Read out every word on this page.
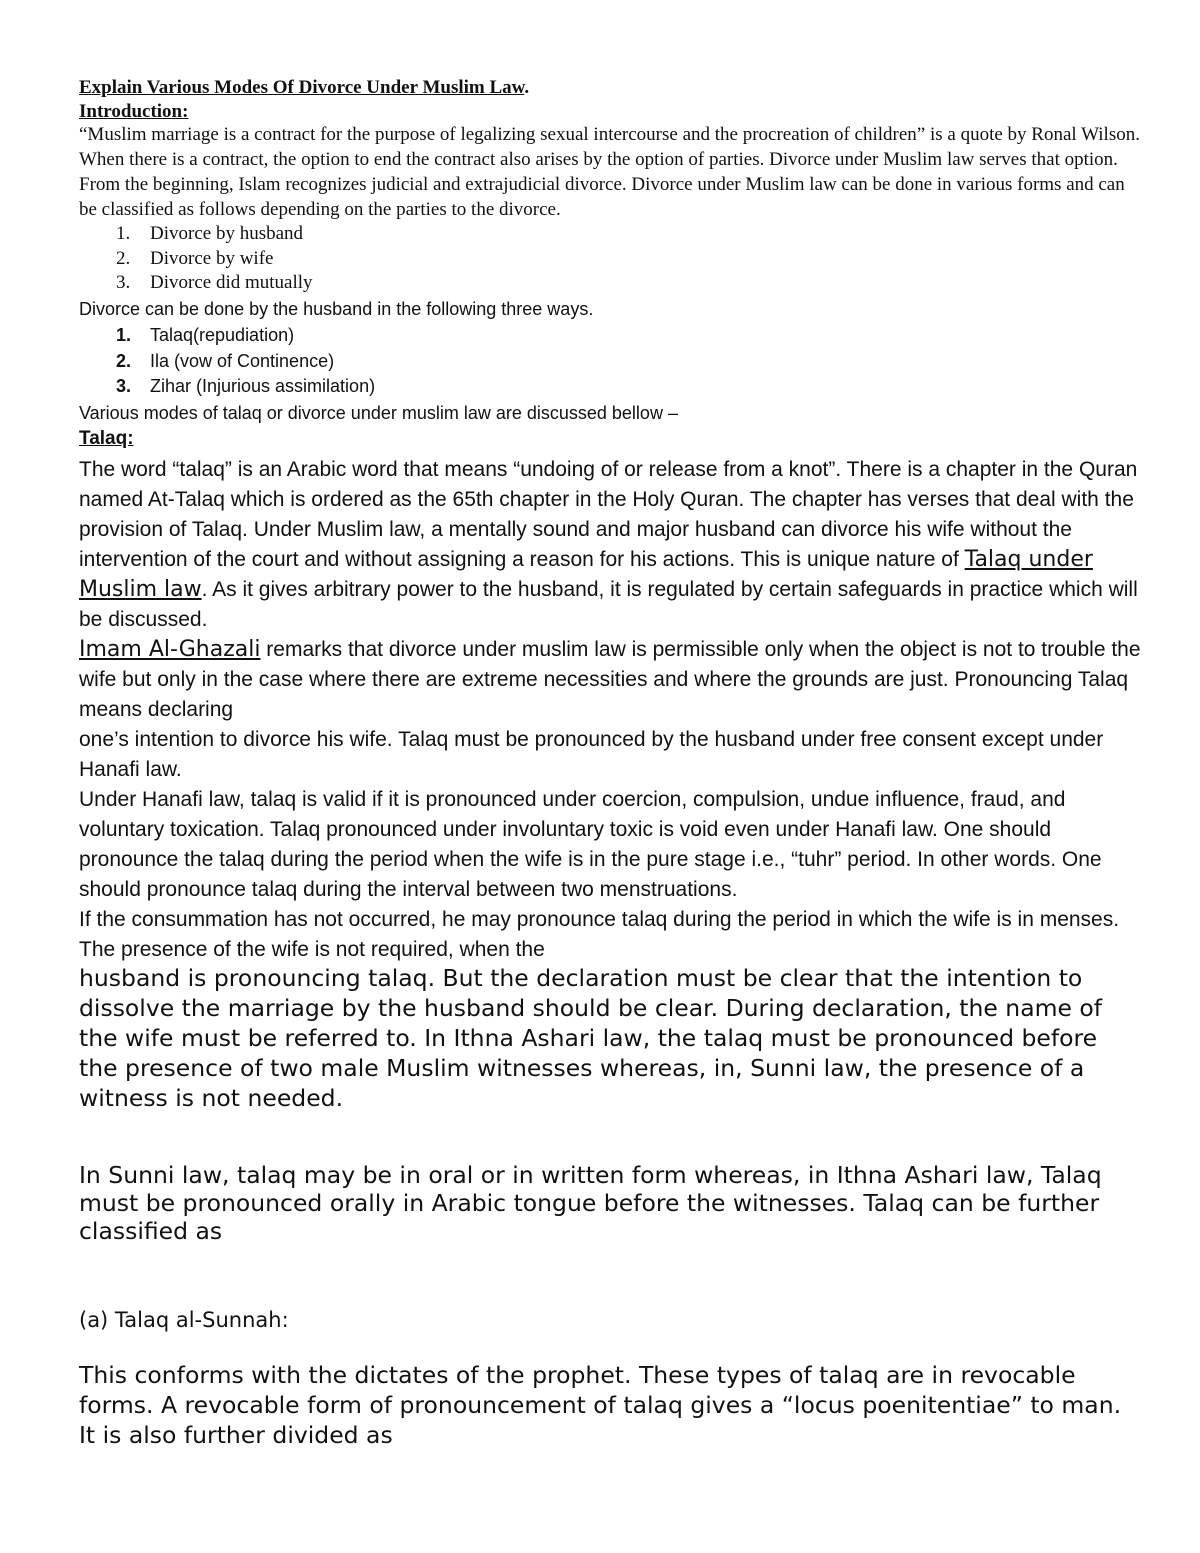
Explain Various Modes Of Divorce Under Muslim Law.

Introduction:

“Muslim marriage is a contract for the purpose of legalizing sexual intercourse and the procreation of children” is a quote by Ronal Wilson. When there is a contract, the option to end the contract also arises by the option of parties. Divorce under Muslim law serves that option. From the beginning, Islam recognizes judicial and extrajudicial divorce. Divorce under Muslim law can be done in various forms and can be classified as follows depending on the parties to the divorce.

1. Divorce by husband
2. Divorce by wife
3. Divorce did mutually

Divorce can be done by the husband in the following three ways.

1. Talaq(repudiation)
2. Ila (vow of Continence)
3. Zihar (Injurious assimilation)

Various modes of talaq or divorce under muslim law are discussed bellow –

Talaq:

The word “talaq” is an Arabic word that means “undoing of or release from a knot”. There is a chapter in the Quran named At-Talaq which is ordered as the 65th chapter in the Holy Quran. The chapter has verses that deal with the provision of Talaq. Under Muslim law, a mentally sound and major husband can divorce his wife without the intervention of the court and without assigning a reason for his actions. This is unique nature of Talaq under Muslim law. As it gives arbitrary power to the husband, it is regulated by certain safeguards in practice which will be discussed.
Imam Al-Ghazali remarks that divorce under muslim law is permissible only when the object is not to trouble the wife but only in the case where there are extreme necessities and where the grounds are just. Pronouncing Talaq means declaring
one’s intention to divorce his wife. Talaq must be pronounced by the husband under free consent except under Hanafi law.
Under Hanafi law, talaq is valid if it is pronounced under coercion, compulsion, undue influence, fraud, and voluntary toxication. Talaq pronounced under involuntary toxic is void even under Hanafi law. One should pronounce the talaq during the period when the wife is in the pure stage i.e., “tuhr” period. In other words. One should pronounce talaq during the interval between two menstruations.
If the consummation has not occurred, he may pronounce talaq during the period in which the wife is in menses. The presence of the wife is not required, when the

husband is pronouncing talaq. But the declaration must be clear that the intention to dissolve the marriage by the husband should be clear. During declaration, the name of the wife must be referred to. In Ithna Ashari law, the talaq must be pronounced before the presence of two male Muslim witnesses whereas, in, Sunni law, the presence of a witness is not needed.

In Sunni law, talaq may be in oral or in written form whereas, in Ithna Ashari law, Talaq must be pronounced orally in Arabic tongue before the witnesses. Talaq can be further classified as

(a) Talaq al-Sunnah:

This conforms with the dictates of the prophet. These types of talaq are in revocable forms. A revocable form of pronouncement of talaq gives a “locus poenitentiae” to man. It is also further divided as
